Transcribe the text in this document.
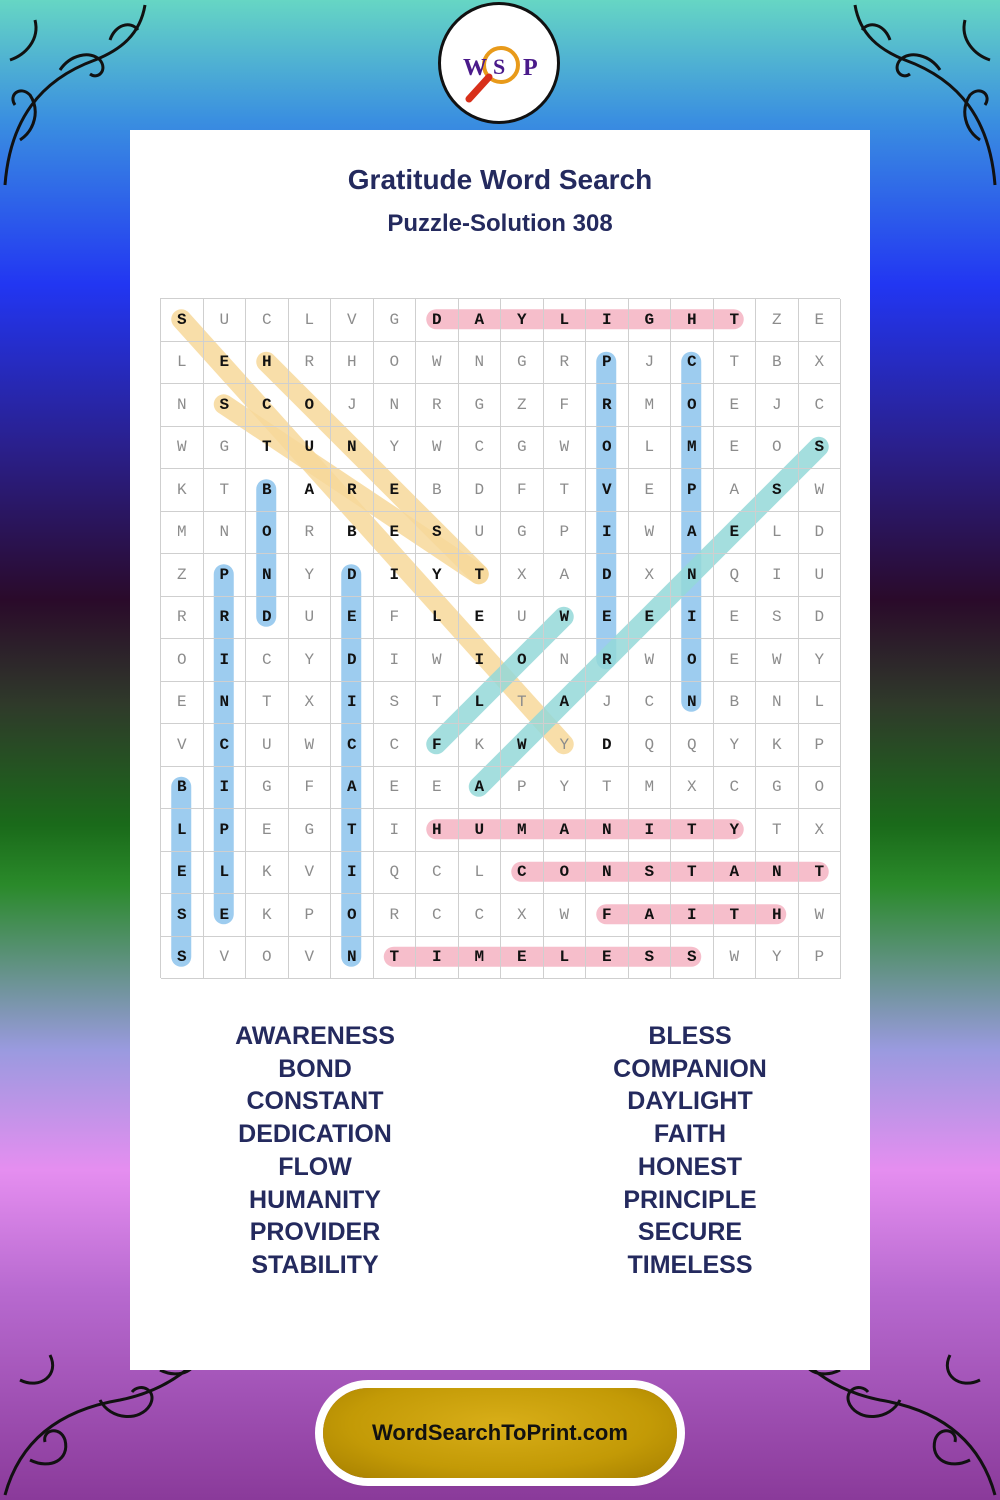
W S P
Gratitude Word Search
Puzzle-Solution 308
S	U	C	L	V	G	D	A	Y	L	I	G	H	T	Z	E
L	E	H	R	H	O	W	N	G	R	P	J	C	T	B	X
N	S	C	O	J	N	R	G	Z	F	R	M	O	E	J	C
W	G	T	U	N	Y	W	C	G	W	O	L	M	E	O	S
K	T	B	A	R	E	B	D	F	T	V	E	P	A	S	W
M	N	O	R	B	E	S	U	G	P	I	W	A	E	L	D
Z	P	N	Y	D	I	Y	T	X	A	D	X	N	Q	I	U
R	R	D	U	E	F	L	E	U	W	E	E	I	E	S	D
O	I	C	Y	D	I	W	I	O	N	R	W	O	E	W	Y
E	N	T	X	I	S	T	L	T	A	J	C	N	B	N	L
V	C	U	W	C	C	F	K	W	Y	D	Q	Q	Y	K	P
B	I	G	F	A	E	E	A	P	Y	T	M	X	C	G	O
L	P	E	G	T	I	H	U	M	A	N	I	T	Y	T	X
E	L	K	V	I	Q	C	L	C	O	N	S	T	A	N	T
S	E	K	P	O	R	C	C	X	W	F	A	I	T	H	W
S	V	O	V	N	T	I	M	E	L	E	S	S	W	Y	P
AWARENESS
BOND
CONSTANT
DEDICATION
FLOW
HUMANITY
PROVIDER
STABILITY
BLESS
COMPANION
DAYLIGHT
FAITH
HONEST
PRINCIPLE
SECURE
TIMELESS
WordSearchToPrint.com
